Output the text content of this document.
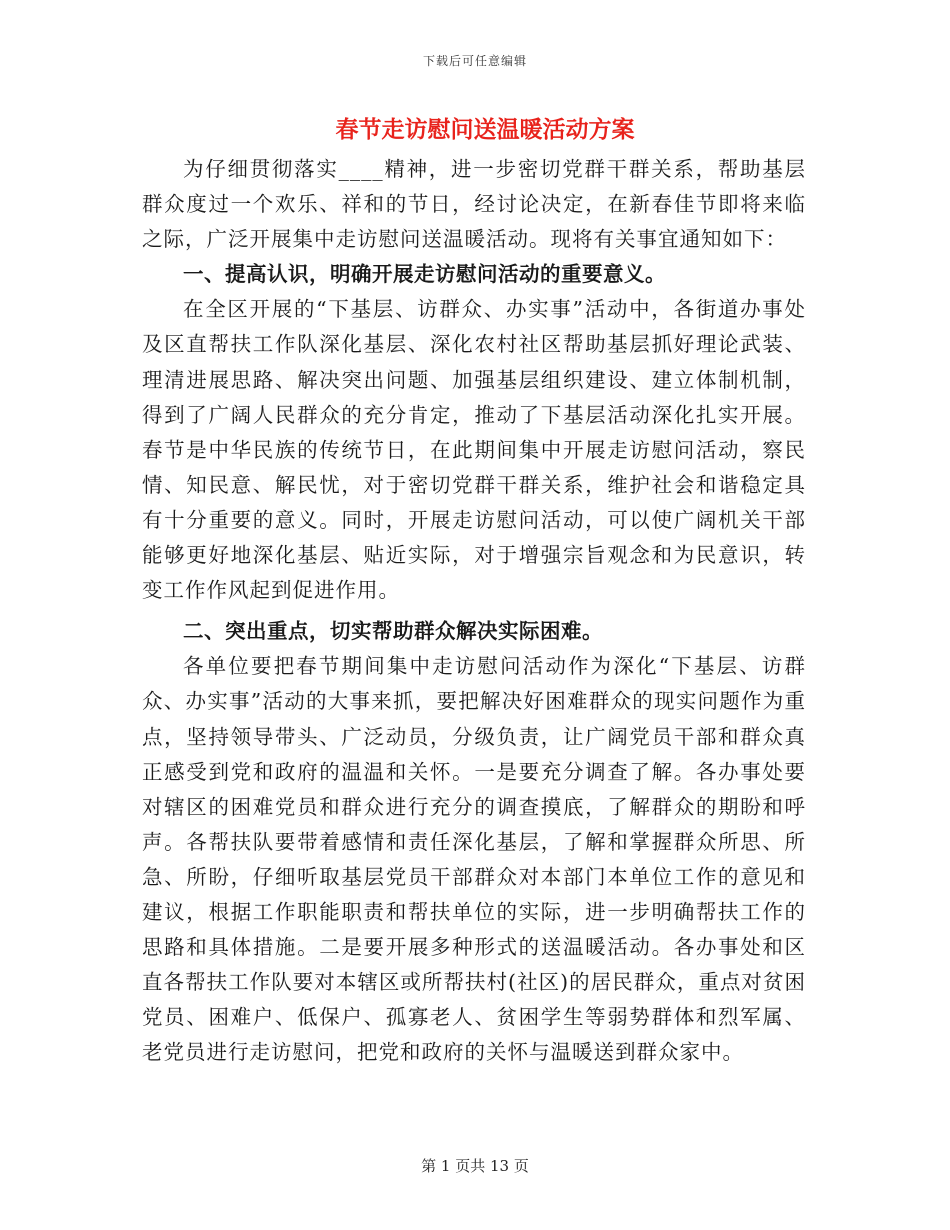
下载后可任意编辑
春节走访慰问送温暖活动方案

为仔细贯彻落实____精神，进一步密切党群干群关系，帮助基层群众度过一个欢乐、祥和的节日，经讨论决定，在新春佳节即将来临之际，广泛开展集中走访慰问送温暖活动。现将有关事宜通知如下：

一、提高认识，明确开展走访慰问活动的重要意义。

在全区开展的“下基层、访群众、办实事”活动中，各街道办事处及区直帮扶工作队深化基层、深化农村社区帮助基层抓好理论武装、理清进展思路、解决突出问题、加强基层组织建设、建立体制机制，得到了广阔人民群众的充分肯定，推动了下基层活动深化扎实开展。春节是中华民族的传统节日，在此期间集中开展走访慰问活动，察民情、知民意、解民忧，对于密切党群干群关系，维护社会和谐稳定具有十分重要的意义。同时，开展走访慰问活动，可以使广阔机关干部能够更好地深化基层、贴近实际，对于增强宗旨观念和为民意识，转变工作作风起到促进作用。

二、突出重点，切实帮助群众解决实际困难。

各单位要把春节期间集中走访慰问活动作为深化“下基层、访群众、办实事”活动的大事来抓，要把解决好困难群众的现实问题作为重点，坚持领导带头、广泛动员，分级负责，让广阔党员干部和群众真正感受到党和政府的温温和关怀。一是要充分调查了解。各办事处要对辖区的困难党员和群众进行充分的调查摸底，了解群众的期盼和呼声。各帮扶队要带着感情和责任深化基层，了解和掌握群众所思、所急、所盼，仔细听取基层党员干部群众对本部门本单位工作的意见和建议，根据工作职能职责和帮扶单位的实际，进一步明确帮扶工作的思路和具体措施。二是要开展多种形式的送温暖活动。各办事处和区直各帮扶工作队要对本辖区或所帮扶村(社区)的居民群众，重点对贫困党员、困难户、低保户、孤寡老人、贫困学生等弱势群体和烈军属、老党员进行走访慰问，把党和政府的关怀与温暖送到群众家中。

第 1 页共 13 页
